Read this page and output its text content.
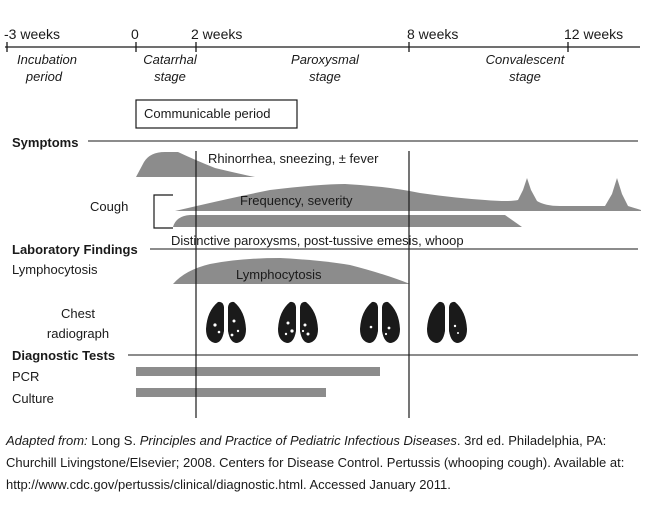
-3 weeks	0	2 weeks	8 weeks	12 weeks
Incubation
period
Catarrhal
stage
Paroxysmal
stage
Convalescent
stage
Communicable period
Symptoms
Rhinorrhea, sneezing, ± fever
Cough	Frequency, severity
Distinctive paroxysms, post-tussive emesis, whoop
Laboratory Findings
Lymphocytosis	Lymphocytosis
Chest
radiograph
Diagnostic Tests
PCR
Culture
Adapted from: Long S. Principles and Practice of Pediatric Infectious Diseases. 3rd ed. Philadelphia, PA: Churchill Livingstone/Elsevier; 2008. Centers for Disease Control. Pertussis (whooping cough). Available at: http://www.cdc.gov/pertussis/clinical/diagnostic.html. Accessed January 2011.
